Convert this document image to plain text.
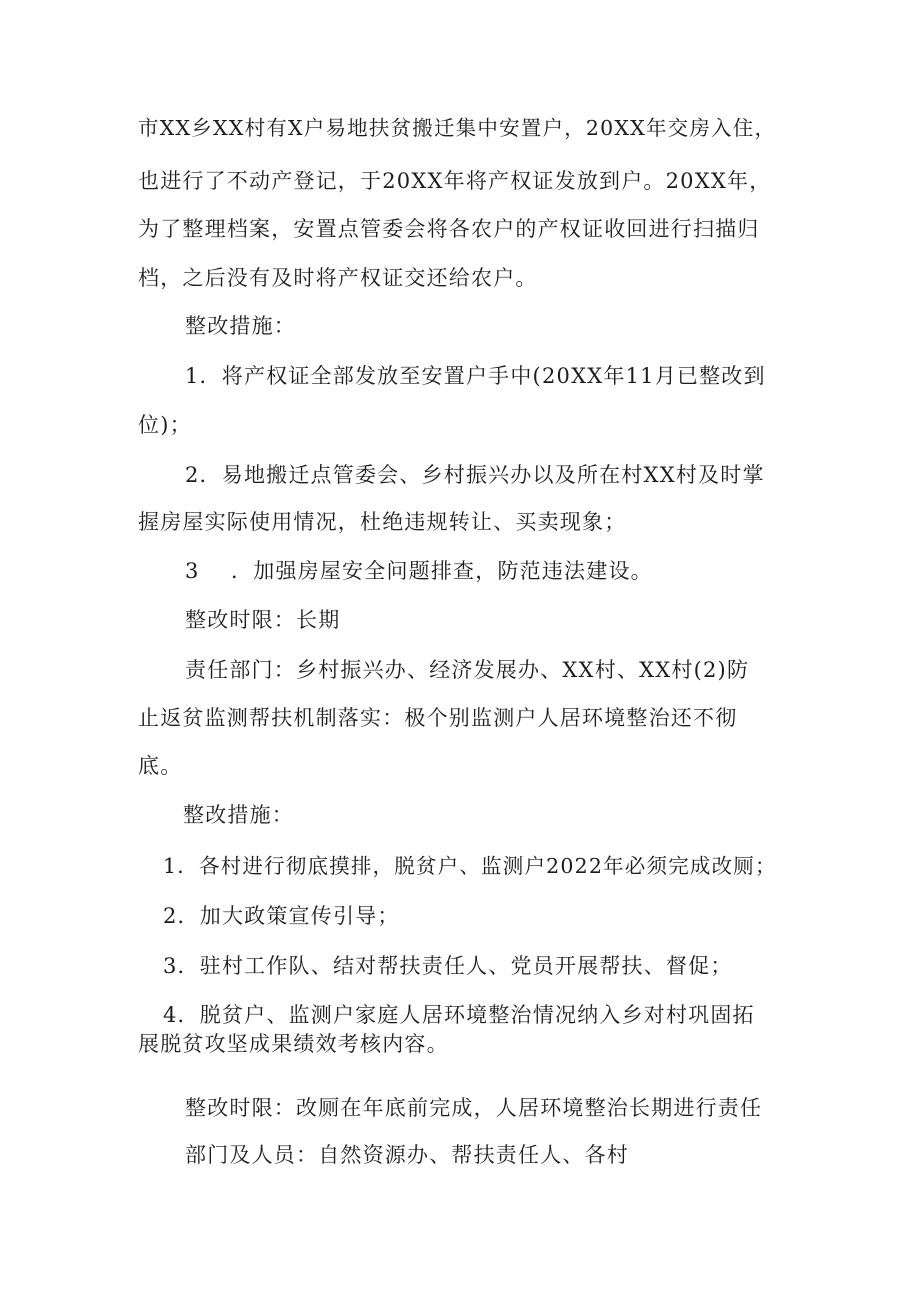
市XX乡XX村有X户易地扶贫搬迁集中安置户，20XX年交房入住，
也进行了不动产登记，于20XX年将产权证发放到户。20XX年，
为了整理档案，安置点管委会将各农户的产权证收回进行扫描归
档，之后没有及时将产权证交还给农户。
整改措施：
1．将产权证全部发放至安置户手中(20XX年11月已整改到
位)；
2．易地搬迁点管委会、乡村振兴办以及所在村XX村及时掌
握房屋实际使用情况，杜绝违规转让、买卖现象；
3    ．加强房屋安全问题排查，防范违法建设。
整改时限：长期
责任部门：乡村振兴办、经济发展办、XX村、XX村(2)防
止返贫监测帮扶机制落实：极个别监测户人居环境整治还不彻
底。
整改措施：
1．各村进行彻底摸排，脱贫户、监测户2022年必须完成改厕；
2．加大政策宣传引导；
3．驻村工作队、结对帮扶责任人、党员开展帮扶、督促；
4．脱贫户、监测户家庭人居环境整治情况纳入乡对村巩固拓
展脱贫攻坚成果绩效考核内容。
整改时限：改厕在年底前完成，人居环境整治长期进行责任
部门及人员：自然资源办、帮扶责任人、各村
